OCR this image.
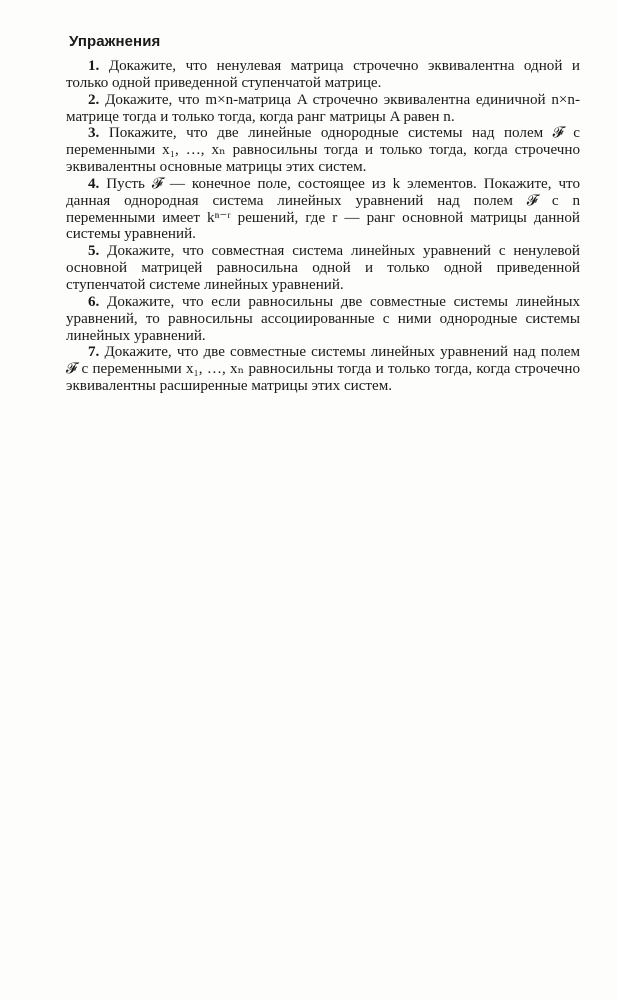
Упражнения

1. Докажите, что ненулевая матрица строчечно эквивалентна одной и только одной приведенной ступенчатой матрице.

2. Докажите, что m×n-матрица A строчечно эквивалентна единичной n×n-матрице тогда и только тогда, когда ранг матрицы A равен n.

3. Покажите, что две линейные однородные системы над полем 𝓕 с переменными x₁, …, xₙ равносильны тогда и только тогда, когда строчечно эквивалентны основные матрицы этих систем.

4. Пусть 𝓕 — конечное поле, состоящее из k элементов. Покажите, что данная однородная система линейных уравнений над полем 𝓕 с n переменными имеет kⁿ⁻ʳ решений, где r — ранг основной матрицы данной системы уравнений.

5. Докажите, что совместная система линейных уравнений с ненулевой основной матрицей равносильна одной и только одной приведенной ступенчатой системе линейных уравнений.

6. Докажите, что если равносильны две совместные системы линейных уравнений, то равносильны ассоциированные с ними однородные системы линейных уравнений.

7. Докажите, что две совместные системы линейных уравнений над полем 𝓕 с переменными x₁, …, xₙ равносильны тогда и только тогда, когда строчечно эквивалентны расширенные матрицы этих систем.
